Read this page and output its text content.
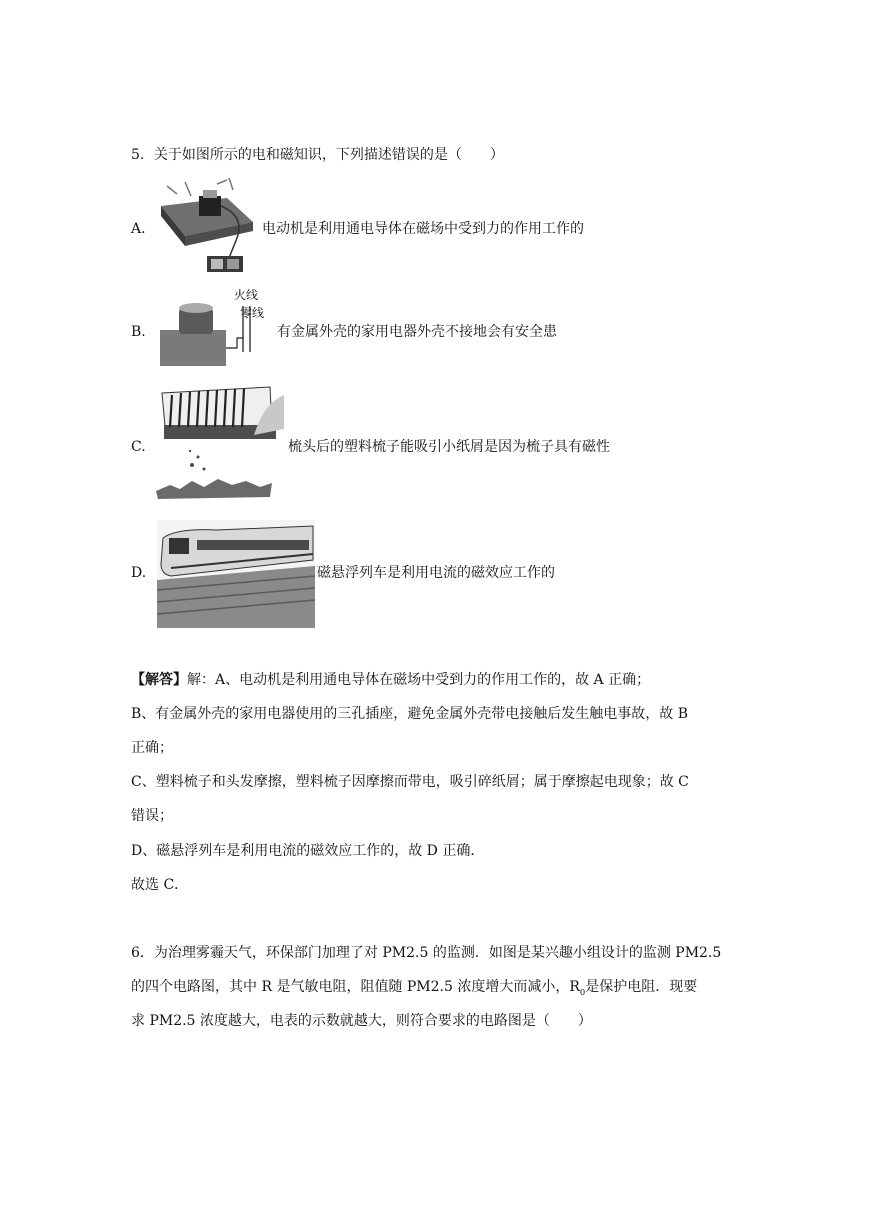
5．关于如图所示的电和磁知识，下列描述错误的是（　　）
A.	电动机是利用通电导体在磁场中受到力的作用工作的
B.
火线
零线
有金属外壳的家用电器外壳不接地会有安全患
C.	梳头后的塑料梳子能吸引小纸屑是因为梳子具有磁性
D.	磁悬浮列车是利用电流的磁效应工作的
【解答】解：A、电动机是利用通电导体在磁场中受到力的作用工作的，故 A 正确；
B、有金属外壳的家用电器使用的三孔插座，避免金属外壳带电接触后发生触电事故，故 B
正确；
C、塑料梳子和头发摩擦，塑料梳子因摩擦而带电，吸引碎纸屑；属于摩擦起电现象；故 C
错误；
D、磁悬浮列车是利用电流的磁效应工作的，故 D 正确．
故选 C．
6．为治理雾霾天气，环保部门加理了对 PM2.5 的监测．如图是某兴趣小组设计的监测 PM2.5
的四个电路图，其中 R 是气敏电阻，阻值随 PM2.5 浓度增大而减小，$R_0$是保护电阻．现要
求 PM2.5 浓度越大，电表的示数就越大，则符合要求的电路图是（　　）
